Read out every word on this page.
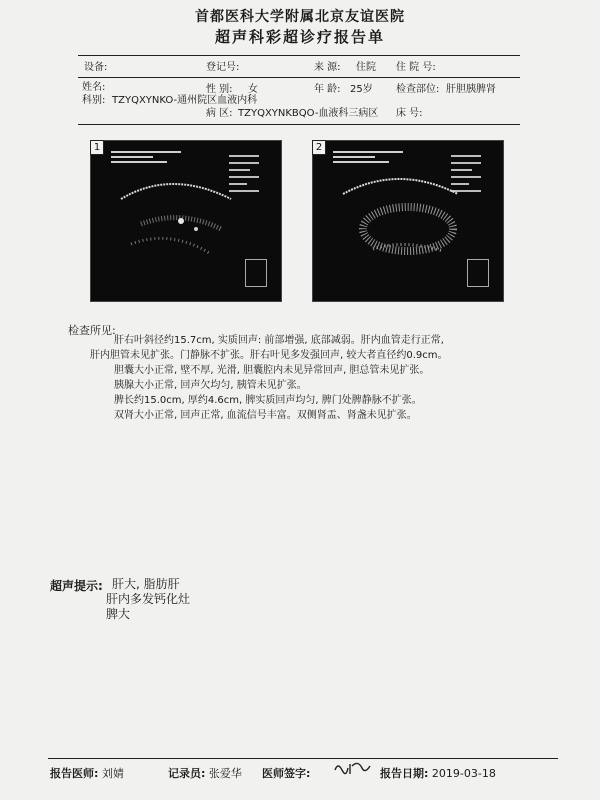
首都医科大学附属北京友谊医院
超声科彩超诊疗报告单
设备:	登记号:	来 源: 住院 住 院 号:
姓名:	性 别: 女	年 龄: 25岁 检查部位: 肝胆胰脾肾
科别: TZYQXYNKO-通州院区血液内科
病 区: TZYQXYNKBQO-血液科三病区 床 号:
1	2
检查所见:
肝右叶斜径约15.7cm, 实质回声: 前部增强, 底部减弱。肝内血管走行正常,
肝内胆管未见扩张。门静脉不扩张。肝右叶见多发强回声, 较大者直径约0.9cm。
胆囊大小正常, 壁不厚, 光滑, 胆囊腔内未见异常回声, 胆总管未见扩张。
胰腺大小正常, 回声欠均匀, 胰管未见扩张。
脾长约15.0cm, 厚约4.6cm, 脾实质回声均匀, 脾门处脾静脉不扩张。
双肾大小正常, 回声正常, 血流信号丰富。双侧肾盂、肾盏未见扩张。
超声提示: 肝大, 脂肪肝
肝内多发钙化灶
脾大
报告医师: 刘婧	记录员: 张爱华 医师签字:	报告日期: 2019-03-18
